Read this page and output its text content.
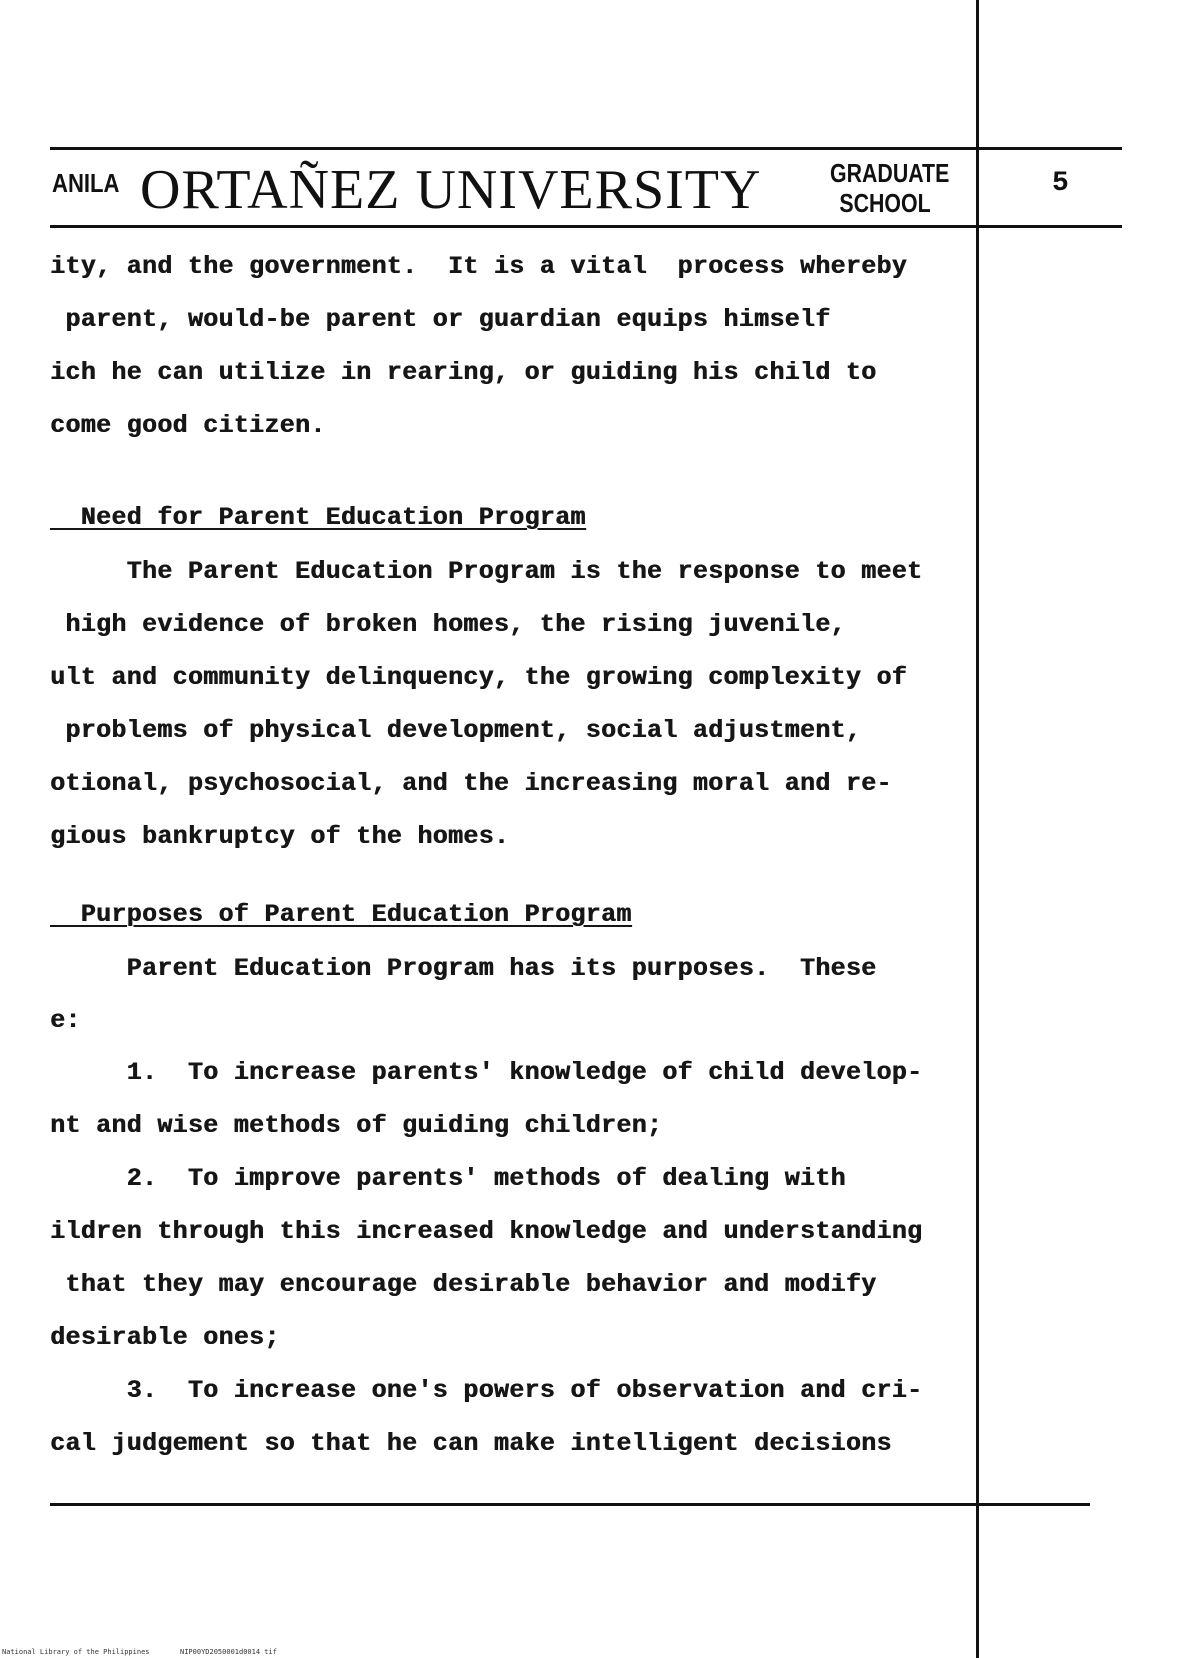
ANILA ORTAÑEZ UNIVERSITY	GRADUATE
SCHOOL
5
ity, and the government.  It is a vital  process whereby
parent, would-be parent or guardian equips himself
ich he can utilize in rearing, or guiding his child to
come good citizen.
Need for Parent Education Program
The Parent Education Program is the response to meet
high evidence of broken homes, the rising juvenile,
ult and community delinquency, the growing complexity of
problems of physical development, social adjustment,
otional, psychosocial, and the increasing moral and re-
gious bankruptcy of the homes.
Purposes of Parent Education Program
Parent Education Program has its purposes.  These
e:
1.  To increase parents' knowledge of child develop-
nt and wise methods of guiding children;
2.  To improve parents' methods of dealing with
ildren through this increased knowledge and understanding
that they may encourage desirable behavior and modify
desirable ones;
3.  To increase one's powers of observation and cri-
cal judgement so that he can make intelligent decisions
National Library of the Philippines	NIP00YD2050001d0014 tif
